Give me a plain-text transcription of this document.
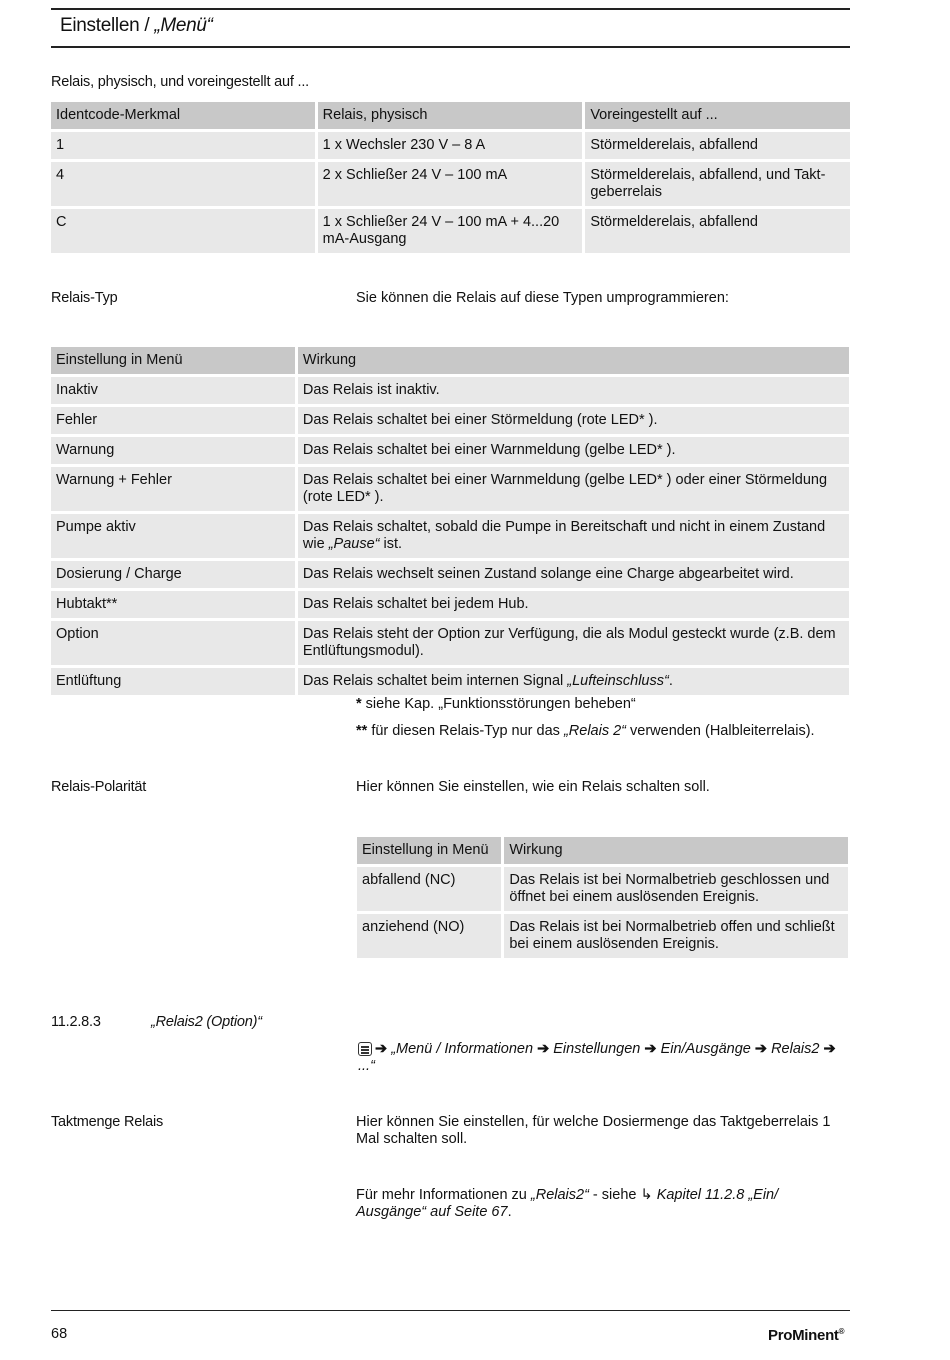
Einstellen / „Menü“
Relais, physisch, und voreingestellt auf ...
Identcode-Merkmal	Relais, physisch	Voreingestellt auf ...
1	1 x Wechsler 230 V – 8 A	Störmelderelais, abfallend
4	2 x Schließer 24 V – 100 mA	Störmelderelais, abfallend, und Taktgeberrelais
C	1 x Schließer 24 V – 100 mA + 4...20 mA-Ausgang	Störmelderelais, abfallend
Relais-Typ	Sie können die Relais auf diese Typen umprogrammieren:
Einstellung in Menü	Wirkung
Inaktiv	Das Relais ist inaktiv.
Fehler	Das Relais schaltet bei einer Störmeldung (rote LED* ).
Warnung	Das Relais schaltet bei einer Warnmeldung (gelbe LED* ).
Warnung + Fehler	Das Relais schaltet bei einer Warnmeldung (gelbe LED* ) oder einer Störmeldung (rote LED* ).
Pumpe aktiv	Das Relais schaltet, sobald die Pumpe in Bereitschaft und nicht in einem Zustand wie „Pause“ ist.
Dosierung / Charge	Das Relais wechselt seinen Zustand solange eine Charge abgearbeitet wird.
Hubtakt**	Das Relais schaltet bei jedem Hub.
Option	Das Relais steht der Option zur Verfügung, die als Modul gesteckt wurde (z.B. dem Entlüftungsmodul).
Entlüftung	Das Relais schaltet beim internen Signal „Lufteinschluss“.
* siehe Kap. „Funktionsstörungen beheben“
** für diesen Relais-Typ nur das „Relais 2“ verwenden (Halbleiterrelais).
Relais-Polarität	Hier können Sie einstellen, wie ein Relais schalten soll.
Einstellung in Menü	Wirkung
abfallend (NC)	Das Relais ist bei Normalbetrieb geschlossen und öffnet bei einem auslösenden Ereignis.
anziehend (NO)	Das Relais ist bei Normalbetrieb offen und schließt bei einem auslösenden Ereignis.
11.2.8.3	„Relais2 (Option)“
➔ „Menü / Informationen ➔ Einstellungen ➔ Ein/Ausgänge ➔ Relais2 ➔ ...“
Taktmenge Relais	Hier können Sie einstellen, für welche Dosiermenge das Taktgeberrelais 1 Mal schalten soll.
Für mehr Informationen zu „Relais2“ - siehe ↳ Kapitel 11.2.8 „Ein/ Ausgänge“ auf Seite 67.
68	ProMinent®
